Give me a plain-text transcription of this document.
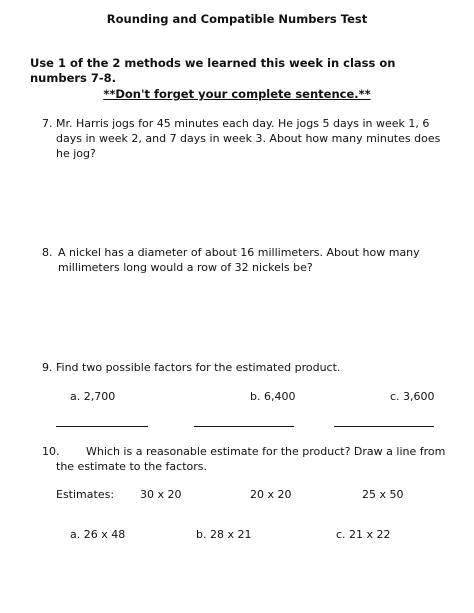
Rounding and Compatible Numbers Test
Use 1 of the 2 methods we learned this week in class on numbers 7-8.
**Don't forget your complete sentence.**
7. Mr. Harris jogs for 45 minutes each day. He jogs 5 days in week 1, 6 days in week 2, and 7 days in week 3. About how many minutes does he jog?
8. A nickel has a diameter of about 16 millimeters. About how many millimeters long would a row of 32 nickels be?
9. Find two possible factors for the estimated product.
a. 2,700	b. 6,400	c. 3,600
10.	Which is a reasonable estimate for the product? Draw a line from the estimate to the factors.
Estimates: 30 x 20	20 x 20	25 x 50
a. 26 x 48	b. 28 x 21	c. 21 x 22
